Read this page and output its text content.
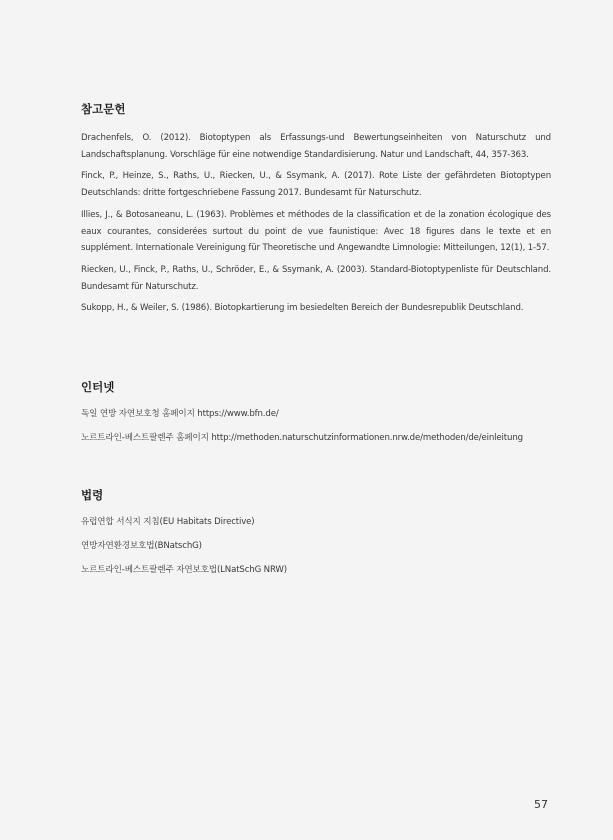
참고문헌

Drachenfels, O. (2012). Biotoptypen als Erfassungs-und Bewertungseinheiten von Naturschutz und Landschaftsplanung. Vorschläge für eine notwendige Standardisierung. Natur und Landschaft, 44, 357-363.

Finck, P., Heinze, S., Raths, U., Riecken, U., & Ssymank, A. (2017). Rote Liste der gefährdeten Biotoptypen Deutschlands: dritte fortgeschriebene Fassung 2017. Bundesamt für Naturschutz.

Illies, J., & Botosaneanu, L. (1963). Problèmes et méthodes de la classification et de la zonation écologique des eaux courantes, considerées surtout du point de vue faunistique: Avec 18 figures dans le texte et en supplément. Internationale Vereinigung für Theoretische und Angewandte Limnologie: Mitteilungen, 12(1), 1-57.

Riecken, U., Finck, P., Raths, U., Schröder, E., & Ssymank, A. (2003). Standard-Biotoptypenliste für Deutschland. Bundesamt für Naturschutz.

Sukopp, H., & Weiler, S. (1986). Biotopkartierung im besiedelten Bereich der Bundesrepublik Deutschland.

인터넷

독일 연방 자연보호청 홈페이지 https://www.bfn.de/

노르트라인-베스트팔렌주 홈페이지 http://methoden.naturschutzinformationen.nrw.de/methoden/de/einleitung

법령

유럽연합 서식지 지침(EU Habitats Directive)

연방자연환경보호법(BNatschG)

노르트라인-베스트팔렌주 자연보호법(LNatSchG NRW)

57
